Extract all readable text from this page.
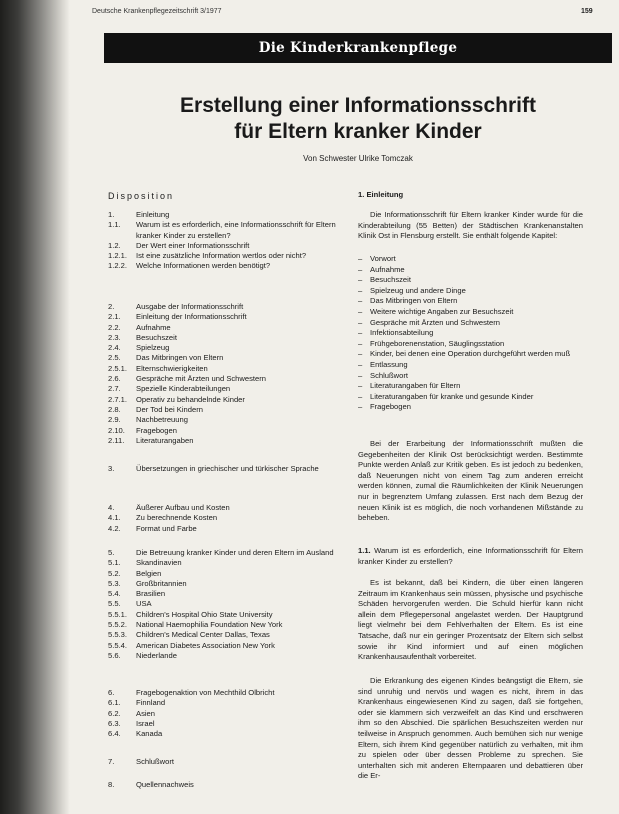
Deutsche Krankenpflegezeitschrift 3/1977	159
Die Kinderkrankenpflege
Erstellung einer Informationsschrift
für Eltern kranker Kinder
Von Schwester Ulrike Tomczak
Disposition
1.	Einleitung
1.1.	Warum ist es erforderlich, eine Informationsschrift für Eltern kranker Kinder zu erstellen?
1.2.	Der Wert einer Informationsschrift
1.2.1.	Ist eine zusätzliche Information wertlos oder nicht?
1.2.2.	Welche Informationen werden benötigt?
2.	Ausgabe der Informationsschrift
2.1.	Einleitung der Informationsschrift
2.2.	Aufnahme
2.3.	Besuchszeit
2.4.	Spielzeug
2.5.	Das Mitbringen von Eltern
2.5.1.	Elternschwierigkeiten
2.6.	Gespräche mit Ärzten und Schwestern
2.7.	Spezielle Kinderabteilungen
2.7.1.	Operativ zu behandelnde Kinder
2.8.	Der Tod bei Kindern
2.9.	Nachbetreuung
2.10.	Fragebogen
2.11.	Literaturangaben
3.	Übersetzungen in griechischer und türkischer Sprache
4.	Äußerer Aufbau und Kosten
4.1.	Zu berechnende Kosten
4.2.	Format und Farbe
5.	Die Betreuung kranker Kinder und deren Eltern im Ausland
5.1.	Skandinavien
5.2.	Belgien
5.3.	Großbritannien
5.4.	Brasilien
5.5.	USA
5.5.1.	Children's Hospital Ohio State University
5.5.2.	National Haemophilia Foundation New York
5.5.3.	Children's Medical Center Dallas, Texas
5.5.4.	American Diabetes Association New York
5.6.	Niederlande
6.	Fragebogenaktion von Mechthild Olbricht
6.1.	Finnland
6.2.	Asien
6.3.	Israel
6.4.	Kanada
7.	Schlußwort
8.	Quellennachweis
1. Einleitung
Die Informationsschrift für Eltern kranker Kinder wurde für die Kinderabteilung (55 Betten) der Städtischen Krankenanstalten Klinik Ost in Flensburg erstellt. Sie enthält folgende Kapitel:
–	Vorwort
–	Aufnahme
–	Besuchszeit
–	Spielzeug und andere Dinge
–	Das Mitbringen von Eltern
–	Weitere wichtige Angaben zur Besuchszeit
–	Gespräche mit Ärzten und Schwestern
–	Infektionsabteilung
–	Frühgeborenenstation, Säuglingsstation
–	Kinder, bei denen eine Operation durchgeführt werden muß
–	Entlassung
–	Schlußwort
–	Literaturangaben für Eltern
–	Literaturangaben für kranke und gesunde Kinder
–	Fragebogen
Bei der Erarbeitung der Informationsschrift mußten die Gegebenheiten der Klinik Ost berücksichtigt werden. Bestimmte Punkte werden Anlaß zur Kritik geben. Es ist jedoch zu bedenken, daß Neuerungen nicht von einem Tag zum anderen erreicht werden können, zumal die Räumlichkeiten der Klinik Neuerungen nur in begrenztem Umfang zulassen. Erst nach dem Bezug der neuen Klinik ist es möglich, die noch vorhandenen Mißstände zu beheben.
1.1. Warum ist es erforderlich, eine Informationsschrift für Eltern kranker Kinder zu erstellen?
Es ist bekannt, daß bei Kindern, die über einen längeren Zeitraum im Krankenhaus sein müssen, physische und psychische Schäden hervorgerufen werden. Die Schuld hierfür kann nicht allein dem Pflegepersonal angelastet werden. Der Hauptgrund liegt vielmehr bei dem Fehlverhalten der Eltern. Es ist eine Tatsache, daß nur ein geringer Prozentsatz der Eltern sich selbst sowie ihr Kind informiert und auf einen möglichen Krankenhausaufenthalt vorbereitet.
Die Erkrankung des eigenen Kindes beängstigt die Eltern, sie sind unruhig und nervös und wagen es nicht, ihrem in das Krankenhaus eingewiesenen Kind zu sagen, daß sie fortgehen, oder sie klammern sich verzweifelt an das Kind und erschweren ihm so den Abschied. Die spärlichen Besuchszeiten werden nur teilweise in Anspruch genommen. Auch bemühen sich nur wenige Eltern, sich ihrem Kind gegenüber natürlich zu verhalten, mit ihm zu spielen oder über dessen Probleme zu sprechen. Sie unterhalten sich mit anderen Elternpaaren und debattieren über die Er-
